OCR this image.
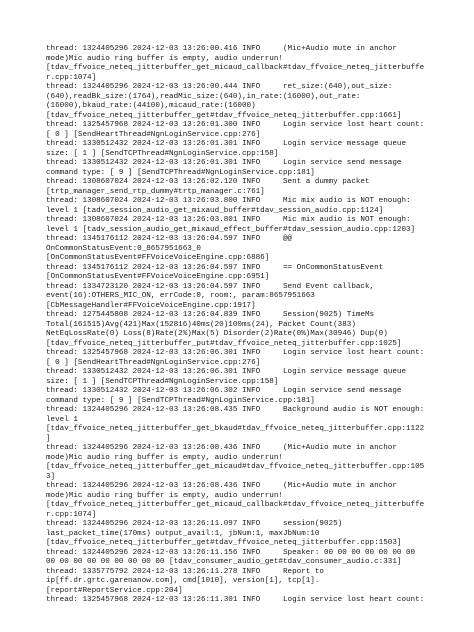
thread: 1324405296 2024-12-03 13:26:00.416 INFO     (Mic+Audio mute in anchor
mode)Mic audio ring buffer is empty, audio underrun!
[tdav_ffvoice_neteq_jitterbuffer_get_micaud_callback#tdav_ffvoice_neteq_jitterbuffe
r.cpp:1074]
thread: 1324405296 2024-12-03 13:26:00.444 INFO     ret_size:(640),out_size:
(640),readBk_size:(1764),readMic_size:(640),in_rate:(16000),out_rate:
(16000),bkaud_rate:(44100),micaud_rate:(16000)
[tdav_ffvoice_neteq_jitterbuffer_get#tdav_ffvoice_neteq_jitterbuffer.cpp:1661]
thread: 1325457968 2024-12-03 13:26:01.300 INFO     Login service lost heart count:
[ 0 ] [SendHeartThread#NgnLoginService.cpp:276]
thread: 1330512432 2024-12-03 13:26:01.301 INFO     Login service message queue
size: [ 1 ] [SendTCPThread#NgnLoginService.cpp:158]
thread: 1330512432 2024-12-03 13:26:01.301 INFO     Login service send message
command type: [ 9 ] [SendTCPThread#NgnLoginService.cpp:181]
thread: 1308607024 2024-12-03 13:26:02.120 INFO     Sent a dummy packet
[trtp_manager_send_rtp_dummy#trtp_manager.c:761]
thread: 1308607024 2024-12-03 13:26:03.800 INFO     Mic mix audio is NOT enough:
level 1 [tadv_session_audio_get_mixaud_buffer#tdav_session_audio.cpp:1124]
thread: 1308607024 2024-12-03 13:26:03.801 INFO     Mic mix audio is NOT enough:
level 1 [tadv_session_audio_get_mixaud_effect_buffer#tdav_session_audio.cpp:1203]
thread: 1345176112 2024-12-03 13:26:04.597 INFO     @@
OnCommonStatusEvent:0_8657951663_0
[OnCommonStatusEvent#FFVoiceVoiceEngine.cpp:6886]
thread: 1345176112 2024-12-03 13:26:04.597 INFO     == OnCommonStatusEvent
[OnCommonStatusEvent#FFVoiceVoiceEngine.cpp:6951]
thread: 1334723120 2024-12-03 13:26:04.597 INFO     Send Event callback,
event(16):OTHERS_MIC_ON, errCode:0, room:, param:8657951663
[CbMessageHandler#FFVoiceVoiceEngine.cpp:1917]
thread: 1275445808 2024-12-03 13:26:04.839 INFO     Session(9025) TimeMs
Total(161515)Avg(421)Max(152816)40ms(20)100ms(24), Packet Count(383)
NetEqLossRate(0) Loss(8)Rate(2%)Max(5) Disorder(2)Rate(0%)Max(30946) Dup(0)
[tdav_ffvoice_neteq_jitterbuffer_put#tdav_ffvoice_neteq_jitterbuffer.cpp:1025]
thread: 1325457968 2024-12-03 13:26:06.301 INFO     Login service lost heart count:
[ 0 ] [SendHeartThread#NgnLoginService.cpp:276]
thread: 1330512432 2024-12-03 13:26:06.301 INFO     Login service message queue
size: [ 1 ] [SendTCPThread#NgnLoginService.cpp:158]
thread: 1330512432 2024-12-03 13:26:06.302 INFO     Login service send message
command type: [ 9 ] [SendTCPThread#NgnLoginService.cpp:181]
thread: 1324405296 2024-12-03 13:26:08.435 INFO     Background audio is NOT enough:
level 1
[tdav_ffvoice_neteq_jitterbuffer_get_bkaud#tdav_ffvoice_neteq_jitterbuffer.cpp:1122
]
thread: 1324405296 2024-12-03 13:26:08.436 INFO     (Mic+Audio mute in anchor
mode)Mic audio ring buffer is empty, audio underrun!
[tdav_ffvoice_neteq_jitterbuffer_get_micaud#tdav_ffvoice_neteq_jitterbuffer.cpp:105
3]
thread: 1324405296 2024-12-03 13:26:08.436 INFO     (Mic+Audio mute in anchor
mode)Mic audio ring buffer is empty, audio underrun!
[tdav_ffvoice_neteq_jitterbuffer_get_micaud_callback#tdav_ffvoice_neteq_jitterbuffe
r.cpp:1074]
thread: 1324405296 2024-12-03 13:26:11.097 INFO     session(9025)
last_packet_time(170ms) output_avail:1, jbNum:1, maxJbNum:10
[tdav_ffvoice_neteq_jitterbuffer_get#tdav_ffvoice_neteq_jitterbuffer.cpp:1503]
thread: 1324405296 2024-12-03 13:26:11.156 INFO     Speaker: 00 00 00 00 00 00 00
00 00 00 00 00 00 00 00 00 [tdav_consumer_audio_get#tdav_consumer_audio.c:331]
thread: 1335775792 2024-12-03 13:26:11.278 INFO     Report to
ip[ff.dr.grtc.garenanow.com], cmd[1010], version[1], tcp[1].
[report#ReportService.cpp:204]
thread: 1325457968 2024-12-03 13:26:11.301 INFO     Login service lost heart count:
